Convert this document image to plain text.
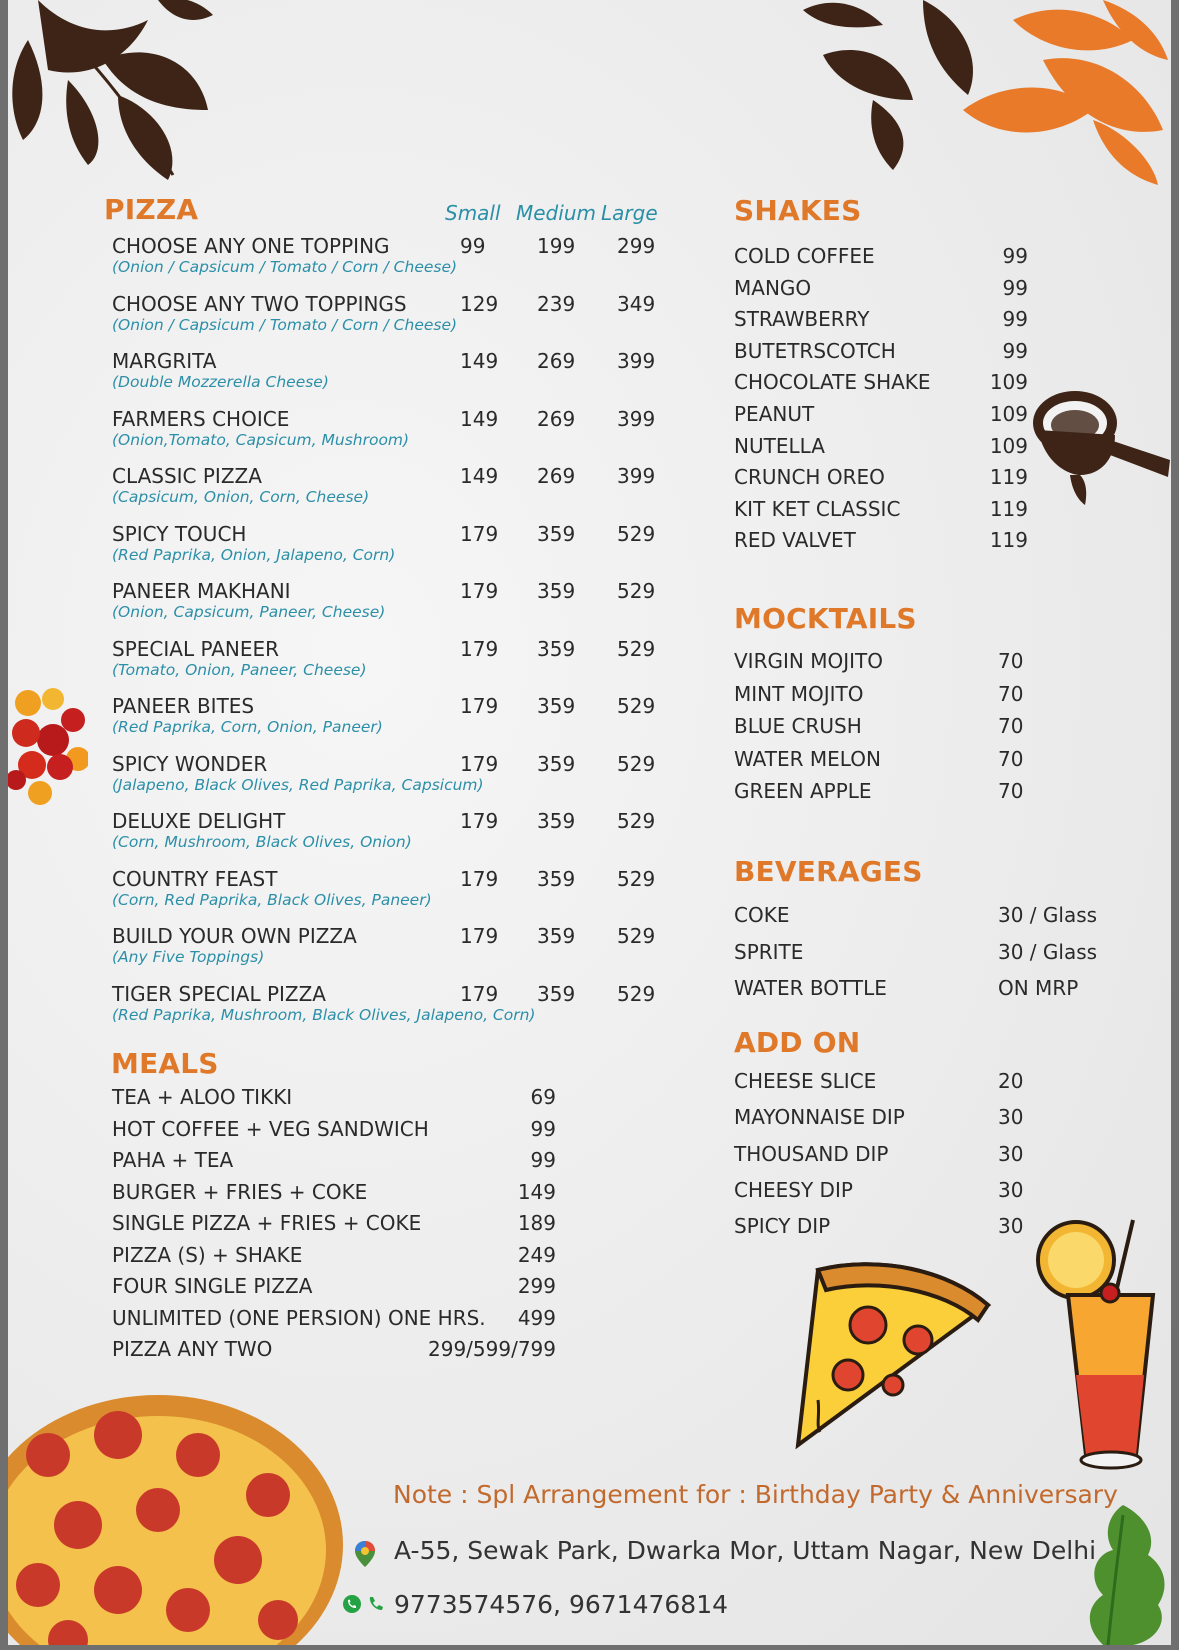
PIZZA	Small Medium Large
CHOOSE ANY ONE TOPPING
(Onion / Capsicum / Tomato / Corn / Cheese)
99	199 299
CHOOSE ANY TWO TOPPINGS
(Onion / Capsicum / Tomato / Corn / Cheese)
129 239 349
MARGRITA
(Double Mozzerella Cheese)
149 269 399
FARMERS CHOICE
(Onion,Tomato, Capsicum, Mushroom)
149 269 399
CLASSIC PIZZA
(Capsicum, Onion, Corn, Cheese)
149 269 399
SPICY TOUCH
(Red Paprika, Onion, Jalapeno, Corn)
179 359 529
PANEER MAKHANI
(Onion, Capsicum, Paneer, Cheese)
179 359 529
SPECIAL PANEER
(Tomato, Onion, Paneer, Cheese)
179 359 529
PANEER BITES
(Red Paprika, Corn, Onion, Paneer)
179 359 529
SPICY WONDER
(Jalapeno, Black Olives, Red Paprika, Capsicum)
179 359 529
DELUXE DELIGHT
(Corn, Mushroom, Black Olives, Onion)
179 359 529
COUNTRY FEAST
(Corn, Red Paprika, Black Olives, Paneer)
179 359 529
BUILD YOUR OWN PIZZA
(Any Five Toppings)
179 359 529
TIGER SPECIAL PIZZA
(Red Paprika, Mushroom, Black Olives, Jalapeno, Corn)
179 359 529
MEALS
TEA + ALOO TIKKI	69
HOT COFFEE + VEG SANDWICH	99
PAHA + TEA	99
BURGER + FRIES + COKE	149
SINGLE PIZZA + FRIES + COKE	189
PIZZA (S) + SHAKE	249
FOUR SINGLE PIZZA	299
UNLIMITED (ONE PERSION) ONE HRS. 499
PIZZA ANY TWO	299/599/799
SHAKES
COLD COFFEE	99
MANGO	99
STRAWBERRY	99
BUTETRSCOTCH	99
CHOCOLATE SHAKE	109
PEANUT	109
NUTELLA	109
CRUNCH OREO	119
KIT KET CLASSIC	119
RED VALVET	119
MOCKTAILS
VIRGIN MOJITO	70
MINT MOJITO	70
BLUE CRUSH	70
WATER MELON	70
GREEN APPLE	70
BEVERAGES
COKE	30 / Glass
SPRITE	30 / Glass
WATER BOTTLE	ON MRP
ADD ON
CHEESE SLICE	20
MAYONNAISE DIP	30
THOUSAND DIP	30
CHEESY DIP	30
SPICY DIP	30
Note : Spl Arrangement for : Birthday Party & Anniversary
A-55, Sewak Park, Dwarka Mor, Uttam Nagar, New Delhi
9773574576, 9671476814
